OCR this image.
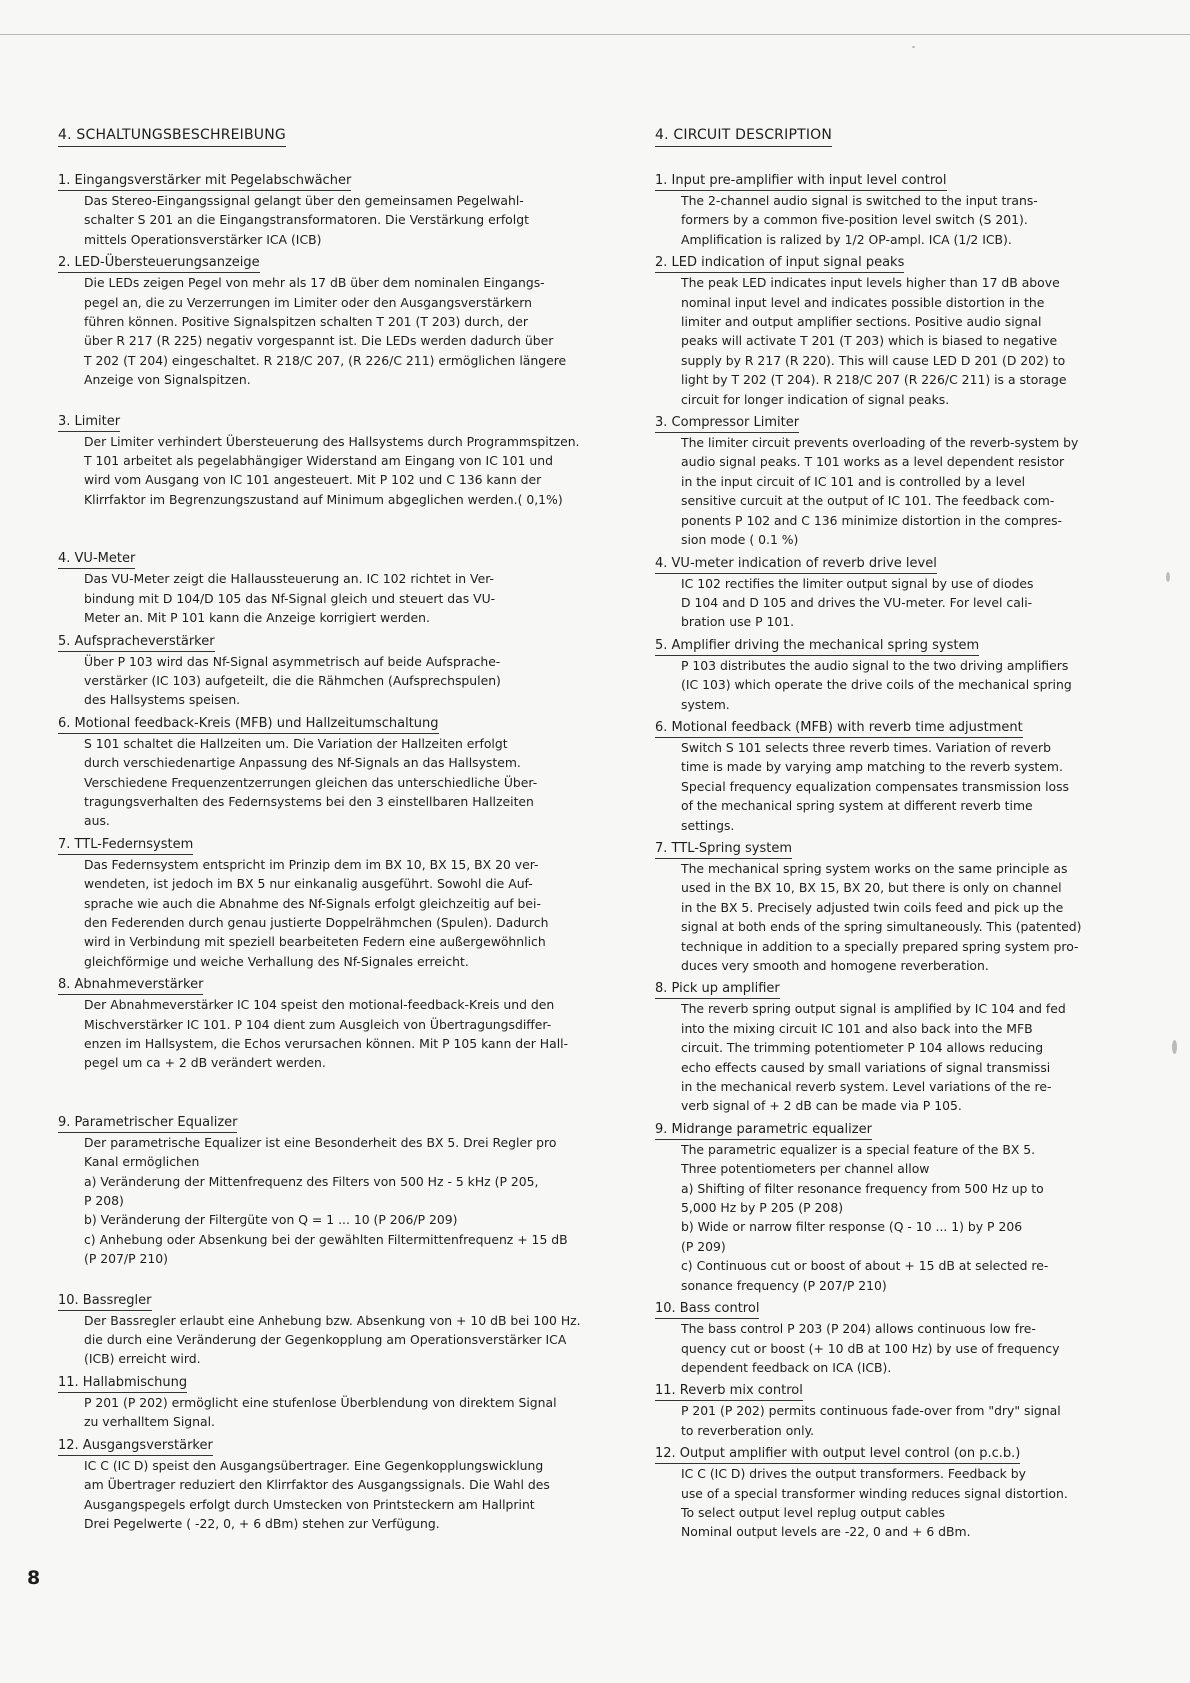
4. SCHALTUNGSBESCHREIBUNG
1. Eingangsverstärker mit Pegelabschwächer
Das Stereo-Eingangssignal gelangt über den gemeinsamen Pegelwahl-
schalter S 201 an die Eingangstransformatoren. Die Verstärkung erfolgt
mittels Operationsverstärker ICA (ICB)
2. LED-Übersteuerungsanzeige
Die LEDs zeigen Pegel von mehr als 17 dB über dem nominalen Eingangs-
pegel an, die zu Verzerrungen im Limiter oder den Ausgangsverstärkern
führen können. Positive Signalspitzen schalten T 201 (T 203) durch, der
über R 217 (R 225) negativ vorgespannt ist. Die LEDs werden dadurch über
T 202 (T 204) eingeschaltet. R 218/C 207, (R 226/C 211) ermöglichen längere
Anzeige von Signalspitzen.
3. Limiter
Der Limiter verhindert Übersteuerung des Hallsystems durch Programmspitzen.
T 101 arbeitet als pegelabhängiger Widerstand am Eingang von IC 101 und
wird vom Ausgang von IC 101 angesteuert. Mit P 102 und C 136 kann der
Klirrfaktor im Begrenzungszustand auf Minimum abgeglichen werden.( 0,1%)
4. VU-Meter
Das VU-Meter zeigt die Hallaussteuerung an. IC 102 richtet in Ver-
bindung mit D 104/D 105 das Nf-Signal gleich und steuert das VU-
Meter an. Mit P 101 kann die Anzeige korrigiert werden.
5. Aufsprachеverstärker
Über P 103 wird das Nf-Signal asymmetrisch auf beide Aufsprache-
verstärker (IC 103) aufgeteilt, die die Rähmchen (Aufsprechspulen)
des Hallsystems speisen.
6. Motional feedback-Kreis (MFB) und Hallzeitumschaltung
S 101 schaltet die Hallzeiten um. Die Variation der Hallzeiten erfolgt
durch verschiedenartige Anpassung des Nf-Signals an das Hallsystem.
Verschiedene Frequenzentzerrungen gleichen das unterschiedliche Über-
tragungsverhalten des Federnsystems bei den 3 einstellbaren Hallzeiten
aus.
7. TTL-Federnsystem
Das Federnsystem entspricht im Prinzip dem im BX 10, BX 15, BX 20 ver-
wendeten, ist jedoch im BX 5 nur einkanalig ausgeführt. Sowohl die Auf-
sprache wie auch die Abnahme des Nf-Signals erfolgt gleichzeitig auf bei-
den Federenden durch genau justierte Doppelrähmchen (Spulen). Dadurch
wird in Verbindung mit speziell bearbeiteten Federn eine außergewöhnlich
gleichförmige und weiche Verhallung des Nf-Signales erreicht.
8. Abnahmeverstärker
Der Abnahmeverstärker IC 104 speist den motional-feedback-Kreis und den
Mischverstärker IC 101. P 104 dient zum Ausgleich von Übertragungsdiffer-
enzen im Hallsystem, die Echos verursachen können. Mit P 105 kann der Hall-
pegel um ca + 2 dB verändert werden.
9. Parametrischer Equalizer
Der parametrische Equalizer ist eine Besonderheit des BX 5. Drei Regler pro
Kanal ermöglichen
a) Veränderung der Mittenfrequenz des Filters von 500 Hz - 5 kHz (P 205,
P 208)
b) Veränderung der Filtergüte von Q = 1 ... 10 (P 206/P 209)
c) Anhebung oder Absenkung bei der gewählten Filtermittenfrequenz + 15 dB
(P 207/P 210)
10. Bassregler
Der Bassregler erlaubt eine Anhebung bzw. Absenkung von + 10 dB bei 100 Hz.
die durch eine Veränderung der Gegenkopplung am Operationsverstärker ICA
(ICB) erreicht wird.
11. Hallabmischung
P 201 (P 202) ermöglicht eine stufenlose Überblendung von direktem Signal
zu verhalltem Signal.
12. Ausgangsverstärker
IC C (IC D) speist den Ausgangsübertrager. Eine Gegenkopplungswicklung
am Übertrager reduziert den Klirrfaktor des Ausgangssignals. Die Wahl des
Ausgangspegels erfolgt durch Umstecken von Printsteckern am Hallprint
Drei Pegelwerte ( -22, 0, + 6 dBm) stehen zur Verfügung.
4. CIRCUIT DESCRIPTION
1. Input pre-amplifier with input level control
The 2-channel audio signal is switched to the input trans-
formers by a common five-position level switch (S 201).
Amplification is ralized by 1/2 OP-ampl. ICA (1/2 ICB).
2. LED indication of input signal peaks
The peak LED indicates input levels higher than 17 dB above
nominal input level and indicates possible distortion in the
limiter and output amplifier sections. Positive audio signal
peaks will activate T 201 (T 203) which is biased to negative
supply by R 217 (R 220). This will cause LED D 201 (D 202) to
light by T 202 (T 204). R 218/C 207 (R 226/C 211) is a storage
circuit for longer indication of signal peaks.
3. Compressor Limiter
The limiter circuit prevents overloading of the reverb-system by
audio signal peaks. T 101 works as a level dependent resistor
in the input circuit of IC 101 and is controlled by a level
sensitive curcuit at the output of IC 101. The feedback com-
ponents P 102 and C 136 minimize distortion in the compres-
sion mode ( 0.1 %)
4. VU-meter indication of reverb drive level
IC 102 rectifies the limiter output signal by use of diodes
D 104 and D 105 and drives the VU-meter. For level cali-
bration use P 101.
5. Amplifier driving the mechanical spring system
P 103 distributes the audio signal to the two driving amplifiers
(IC 103) which operate the drive coils of the mechanical spring
system.
6. Motional feedback (MFB) with reverb time adjustment
Switch S 101 selects three reverb times. Variation of reverb
time is made by varying amp matching to the reverb system.
Special frequency equalization compensates transmission loss
of the mechanical spring system at different reverb time
settings.
7. TTL-Spring system
The mechanical spring system works on the same principle as
used in the BX 10, BX 15, BX 20, but there is only on channel
in the BX 5. Precisely adjusted twin coils feed and pick up the
signal at both ends of the spring simultaneously. This (patented)
technique in addition to a specially prepared spring system pro-
duces very smooth and homogene reverberation.
8. Pick up amplifier
The reverb spring output signal is amplified by IC 104 and fed
into the mixing circuit IC 101 and also back into the MFB
circuit. The trimming potentiometer P 104 allows reducing
echo effects caused by small variations of signal transmissi
in the mechanical reverb system. Level variations of the re-
verb signal of + 2 dB can be made via P 105.
9. Midrange parametric equalizer
The parametric equalizer is a special feature of the BX 5.
Three potentiometers per channel allow
a) Shifting of filter resonance frequency from 500 Hz up to
5,000 Hz by P 205 (P 208)
b) Wide or narrow filter response (Q - 10 ... 1) by P 206
(P 209)
c) Continuous cut or boost of about + 15 dB at selected re-
sonance frequency (P 207/P 210)
10. Bass control
The bass control P 203 (P 204) allows continuous low fre-
quency cut or boost (+ 10 dB at 100 Hz) by use of frequency
dependent feedback on ICA (ICB).
11. Reverb mix control
P 201 (P 202) permits continuous fade-over from "dry" signal
to reverberation only.
12. Output amplifier with output level control (on p.c.b.)
IC C (IC D) drives the output transformers. Feedback by
use of a special transformer winding reduces signal distortion.
To select output level replug output cables
Nominal output levels are -22, 0 and + 6 dBm.
8
